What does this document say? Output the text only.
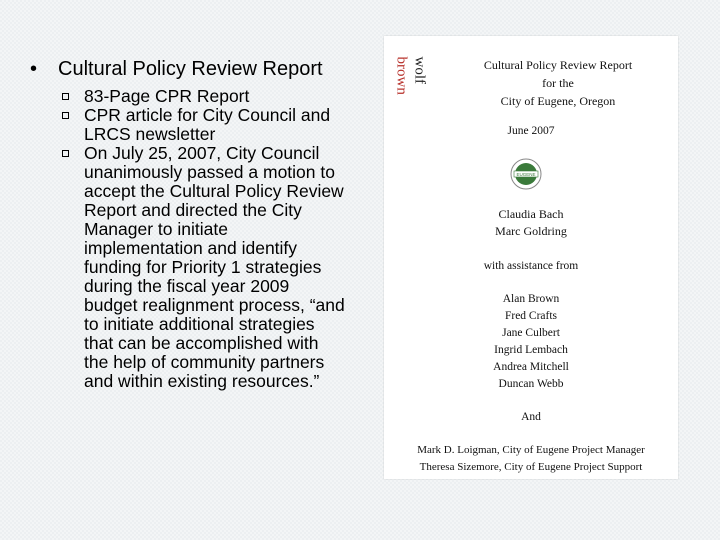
•	Cultural Policy Review Report
83-Page CPR Report
CPR article for City Council and LRCS newsletter
On July 25, 2007, City Council unanimously passed a motion to accept the Cultural Policy Review Report and directed the City Manager to initiate implementation and identify funding for Priority 1 strategies during the fiscal year 2009 budget realignment process, “and to initiate additional strategies that can be accomplished with the help of community partners and within existing resources.”
wolf
brown	Cultural Policy Review Report
for the
City of Eugene, Oregon
June 2007
EUGENE
Claudia Bach
Marc Goldring
with assistance from
Alan Brown
Fred Crafts
Jane Culbert
Ingrid Lembach
Andrea Mitchell
Duncan Webb
And
Mark D. Loigman, City of Eugene Project Manager
Theresa Sizemore, City of Eugene Project Support
